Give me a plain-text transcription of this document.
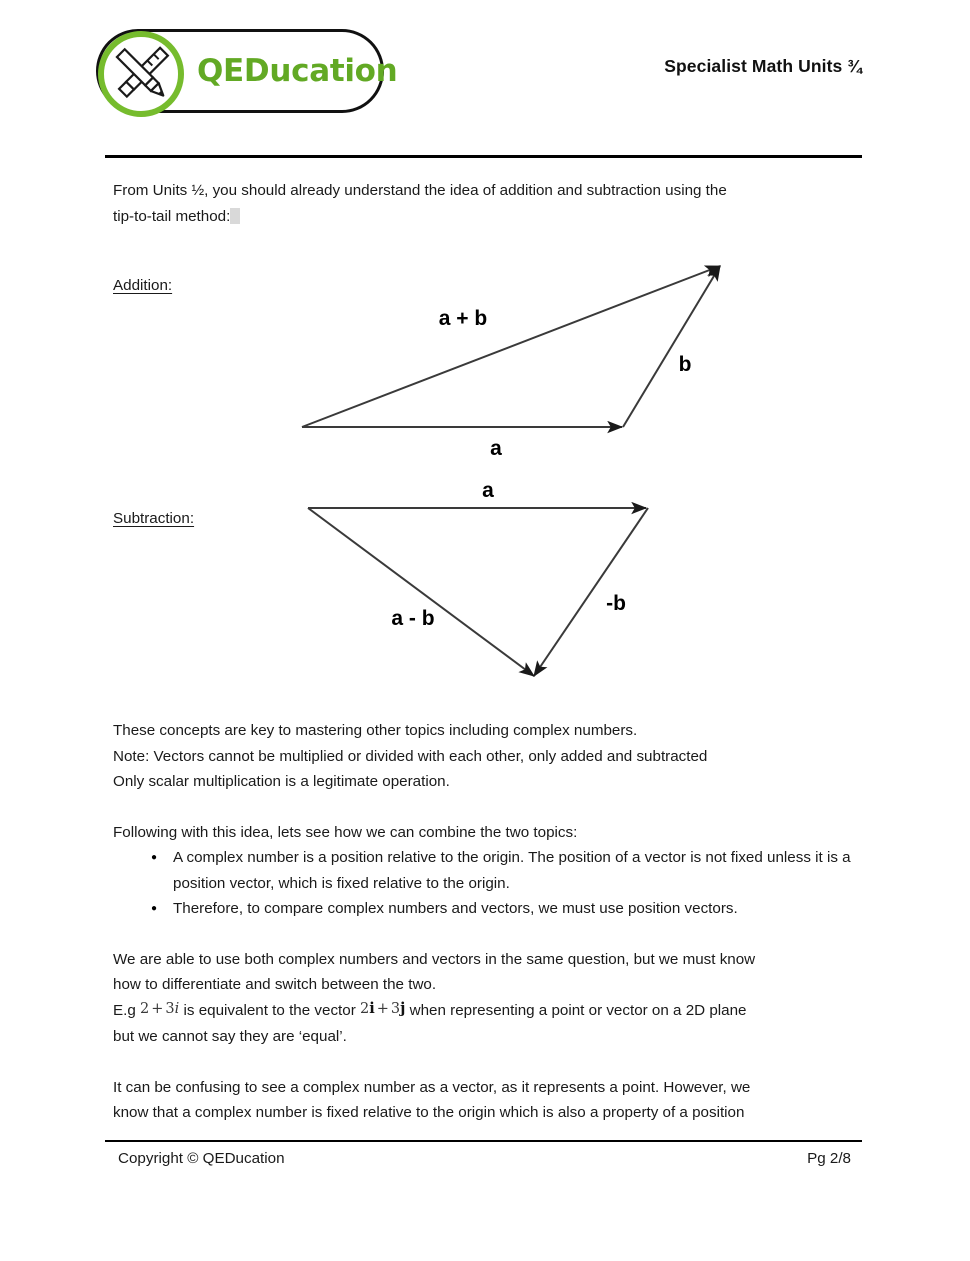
QEDucation	Specialist Math Units ¾

From Units ½, you should already understand the idea of addition and subtraction using the

tip-to-tail method:

Addition:
Subtraction:
a + b
a
b
a
-b
a - b

These concepts are key to mastering other topics including complex numbers.

Note: Vectors cannot be multiplied or divided with each other, only added and subtracted

Only scalar multiplication is a legitimate operation.

Following with this idea, lets see how we can combine the two topics:

● A complex number is a position relative to the origin. The position of a vector is not fixed unless it is a position vector, which is fixed relative to the origin.
● Therefore, to compare complex numbers and vectors, we must use position vectors.

We are able to use both complex numbers and vectors in the same question, but we must know

how to differentiate and switch between the two.

E.g 2 + 3i is equivalent to the vector 2i + 3j when representing a point or vector on a 2D plane

but we cannot say they are ‘equal’.

It can be confusing to see a complex number as a vector, as it represents a point. However, we

know that a complex number is fixed relative to the origin which is also a property of a position

Copyright © QEDucation	Pg 2/8
